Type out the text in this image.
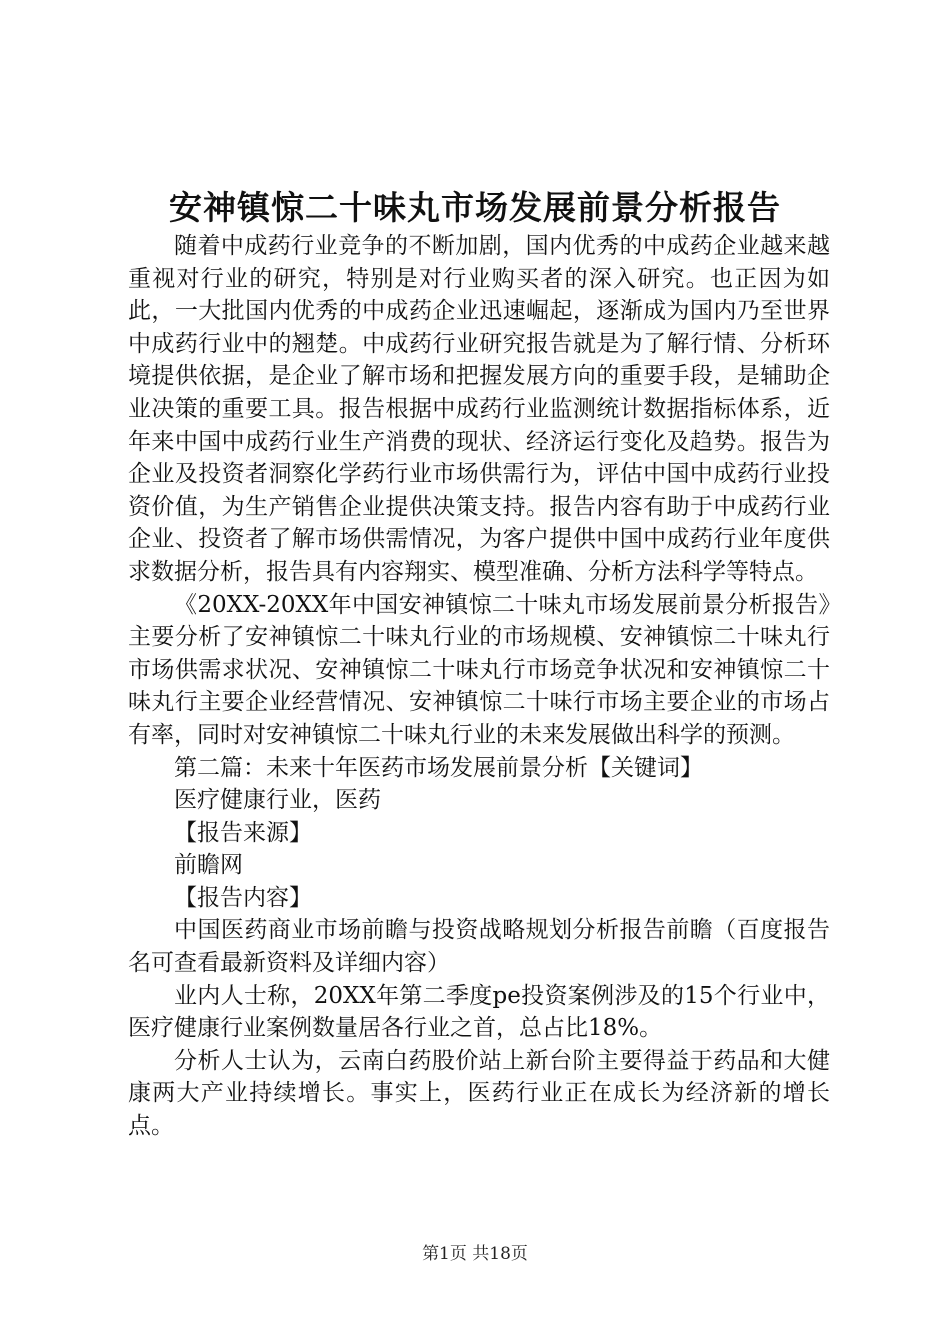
安神镇惊二十味丸市场发展前景分析报告

随着中成药行业竞争的不断加剧，国内优秀的中成药企业越来越重视对行业的研究，特别是对行业购买者的深入研究。也正因为如此，一大批国内优秀的中成药企业迅速崛起，逐渐成为国内乃至世界中成药行业中的翘楚。中成药行业研究报告就是为了解行情、分析环境提供依据，是企业了解市场和把握发展方向的重要手段，是辅助企业决策的重要工具。报告根据中成药行业监测统计数据指标体系，近年来中国中成药行业生产消费的现状、经济运行变化及趋势。报告为企业及投资者洞察化学药行业市场供需行为，评估中国中成药行业投资价值，为生产销售企业提供决策支持。报告内容有助于中成药行业企业、投资者了解市场供需情况，为客户提供中国中成药行业年度供求数据分析，报告具有内容翔实、模型准确、分析方法科学等特点。

《20XX-20XX年中国安神镇惊二十味丸市场发展前景分析报告》主要分析了安神镇惊二十味丸行业的市场规模、安神镇惊二十味丸行市场供需求状况、安神镇惊二十味丸行市场竞争状况和安神镇惊二十味丸行主要企业经营情况、安神镇惊二十味行市场主要企业的市场占有率，同时对安神镇惊二十味丸行业的未来发展做出科学的预测。

第二篇：未来十年医药市场发展前景分析【关键词】

医疗健康行业，医药

【报告来源】

前瞻网

【报告内容】

中国医药商业市场前瞻与投资战略规划分析报告前瞻（百度报告名可查看最新资料及详细内容）

业内人士称，20XX年第二季度pe投资案例涉及的15个行业中，医疗健康行业案例数量居各行业之首，总占比18%。

分析人士认为，云南白药股价站上新台阶主要得益于药品和大健康两大产业持续增长。事实上，医药行业正在成长为经济新的增长点。

第1页 共18页
